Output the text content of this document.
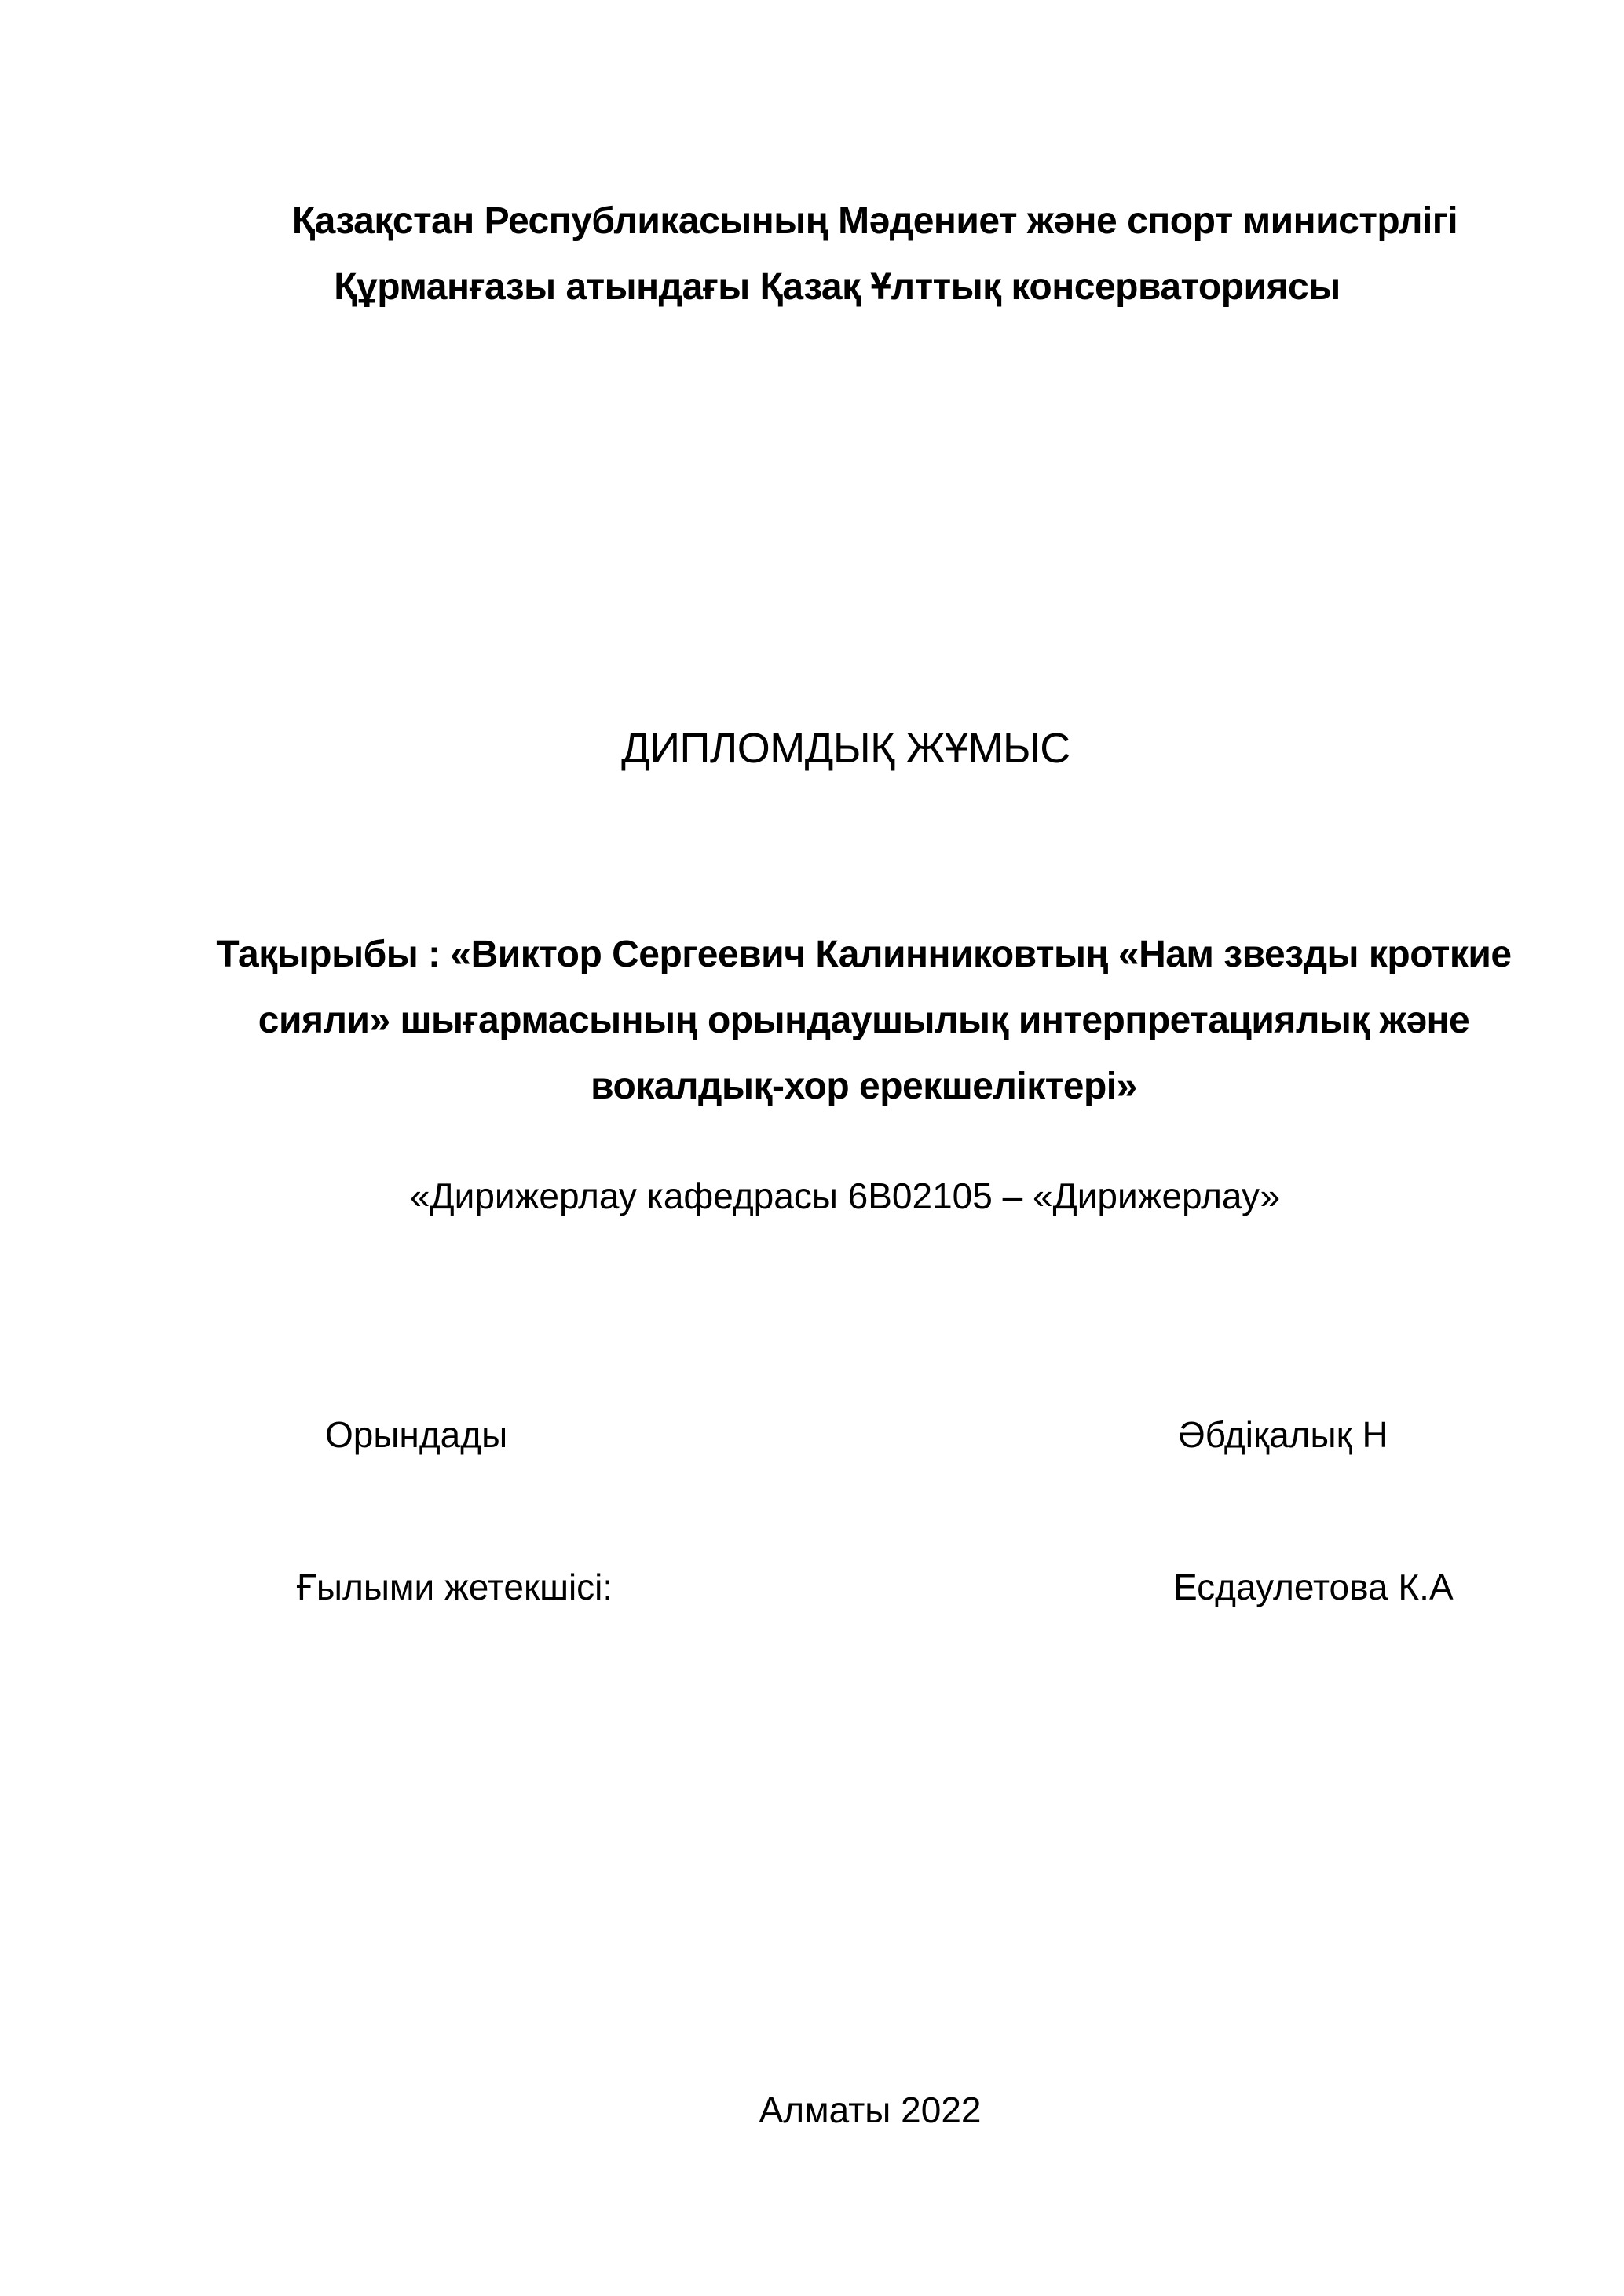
Қазақстан Республикасының Мәдениет және спорт министрлігі
Құрманғазы атындағы Қазақ Ұлттық консерваториясы
ДИПЛОМДЫҚ ЖҰМЫС
Тақырыбы : «Виктор Сергеевич Калинниковтың «Нам звезды кроткие
сияли» шығармасының орындаушылық интерпретациялық және
вокалдық-хор ерекшеліктері»
«Дирижерлау кафедрасы 6В02105 – «Дирижерлау»
Орындады	Әбдіқалық Н
Ғылыми жетекшісі:	Есдаулетова К.А
Алматы 2022
